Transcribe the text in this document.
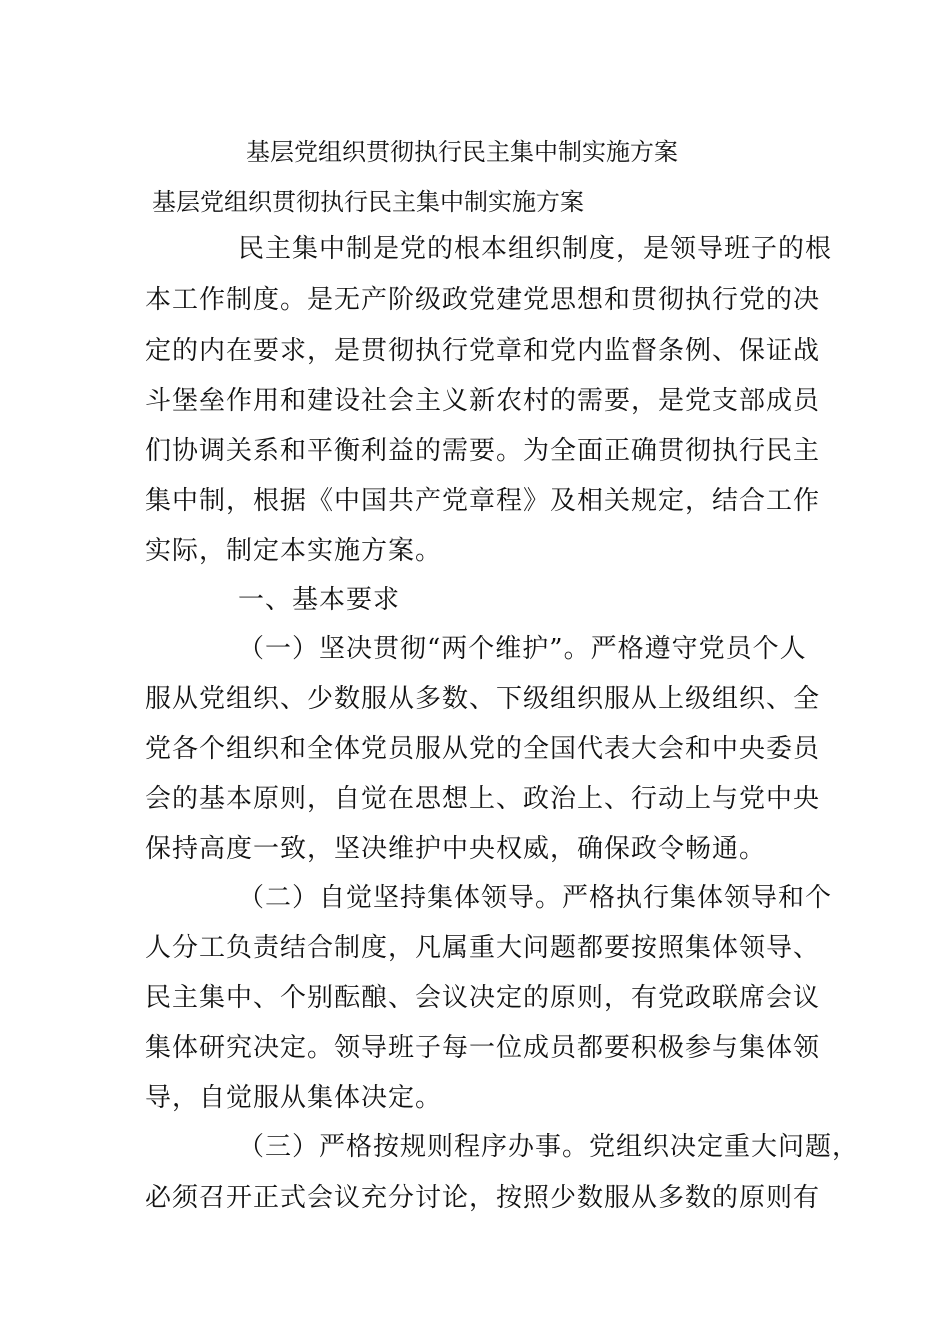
基层党组织贯彻执行民主集中制实施方案
基层党组织贯彻执行民主集中制实施方案
民主集中制是党的根本组织制度，是领导班子的根
本工作制度。是无产阶级政党建党思想和贯彻执行党的决
定的内在要求，是贯彻执行党章和党内监督条例、保证战
斗堡垒作用和建设社会主义新农村的需要，是党支部成员
们协调关系和平衡利益的需要。为全面正确贯彻执行民主
集中制，根据《中国共产党章程》及相关规定，结合工作
实际，制定本实施方案。
一、基本要求
（一）坚决贯彻“两个维护”。严格遵守党员个人
服从党组织、少数服从多数、下级组织服从上级组织、全
党各个组织和全体党员服从党的全国代表大会和中央委员
会的基本原则，自觉在思想上、政治上、行动上与党中央
保持高度一致，坚决维护中央权威，确保政令畅通。
（二）自觉坚持集体领导。严格执行集体领导和个
人分工负责结合制度，凡属重大问题都要按照集体领导、
民主集中、个别酝酿、会议决定的原则，有党政联席会议
集体研究决定。领导班子每一位成员都要积极参与集体领
导，自觉服从集体决定。
（三）严格按规则程序办事。党组织决定重大问题，
必须召开正式会议充分讨论，按照少数服从多数的原则有
